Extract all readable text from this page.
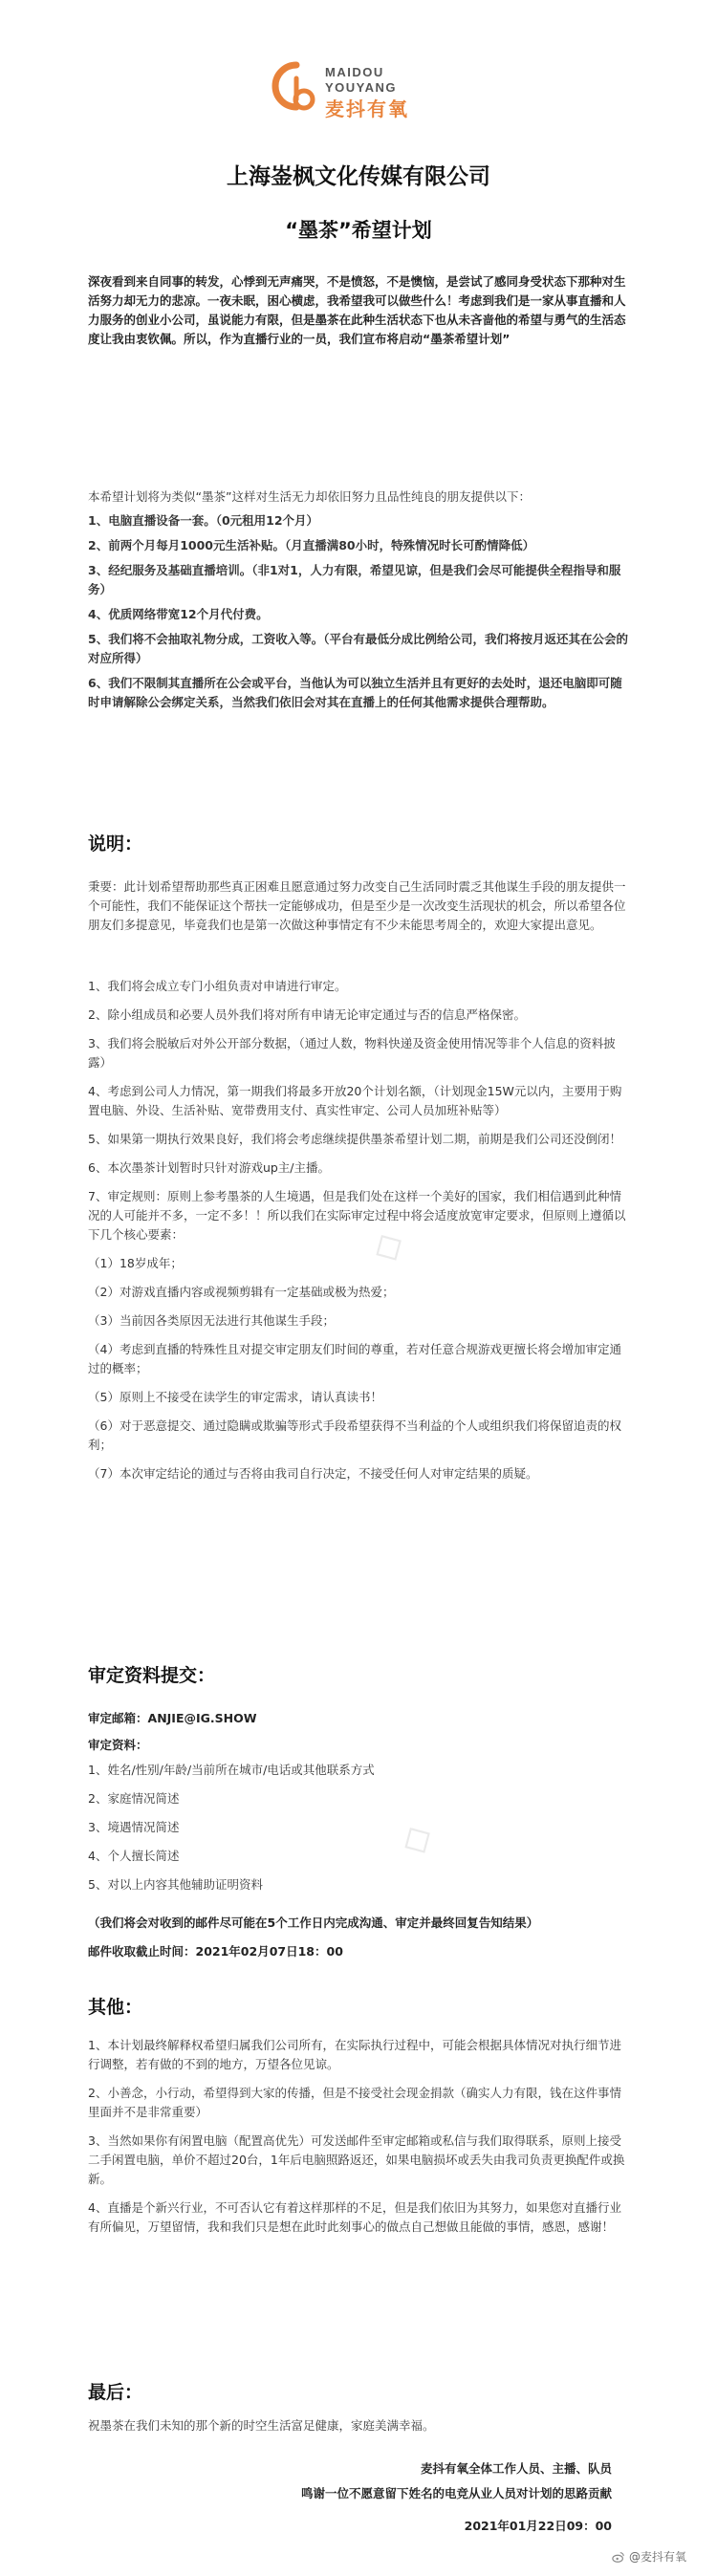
MAIDOU
YOUYANG
麦抖有氧
上海崟枫文化传媒有限公司
“墨茶”希望计划

深夜看到来自同事的转发，心悸到无声痛哭，不是愤怒，不是懊恼，是尝试了感同身受状态下那种对生活努力却无力的悲凉。一夜未眠，困心横虑，我希望我可以做些什么！考虑到我们是一家从事直播和人力服务的创业小公司，虽说能力有限，但是墨茶在此种生活状态下也从未吝啬他的希望与勇气的生活态度让我由衷钦佩。所以，作为直播行业的一员，我们宣布将启动“墨茶希望计划”

本希望计划将为类似“墨茶”这样对生活无力却依旧努力且品性纯良的朋友提供以下：

1、电脑直播设备一套。（0元租用12个月）
2、前两个月每月1000元生活补贴。（月直播满80小时，特殊情况时长可酌情降低）
3、经纪服务及基础直播培训。（非1对1，人力有限，希望见谅，但是我们会尽可能提供全程指导和服务）
4、优质网络带宽12个月代付费。
5、我们将不会抽取礼物分成，工资收入等。（平台有最低分成比例给公司，我们将按月返还其在公会的对应所得）
6、我们不限制其直播所在公会或平台，当他认为可以独立生活并且有更好的去处时，退还电脑即可随时申请解除公会绑定关系，当然我们依旧会对其在直播上的任何其他需求提供合理帮助。
说明：

秉要：此计划希望帮助那些真正困难且愿意通过努力改变自己生活同时震乏其他谋生手段的朋友提供一个可能性，我们不能保证这个帮扶一定能够成功，但是至少是一次改变生活现状的机会，所以希望各位朋友们多提意见，毕竟我们也是第一次做这种事情定有不少未能思考周全的，欢迎大家提出意见。

1、我们将会成立专门小组负责对申请进行审定。
2、除小组成员和必要人员外我们将对所有申请无论审定通过与否的信息严格保密。
3、我们将会脱敏后对外公开部分数据，（通过人数，物料快递及资金使用情况等非个人信息的资料披露）
4、考虑到公司人力情况，第一期我们将最多开放20个计划名额，（计划现金15W元以内，主要用于购置电脑、外设、生活补贴、宽带费用支付、真实性审定、公司人员加班补贴等）
5、如果第一期执行效果良好，我们将会考虑继续提供墨茶希望计划二期，前期是我们公司还没倒闭！
6、本次墨茶计划暂时只针对游戏up主/主播。
7、审定规则：原则上参考墨茶的人生境遇，但是我们处在这样一个美好的国家，我们相信遇到此种情况的人可能并不多，一定不多！！所以我们在实际审定过程中将会适度放宽审定要求，但原则上遵循以下几个核心要素：
（1）18岁成年；
（2）对游戏直播内容或视频剪辑有一定基础或极为热爱；
（3）当前因各类原因无法进行其他谋生手段；
（4）考虑到直播的特殊性且对提交审定朋友们时间的尊重，若对任意合规游戏更擅长将会增加审定通过的概率；
（5）原则上不接受在读学生的审定需求，请认真读书！
（6）对于恶意提交、通过隐瞒或欺骗等形式手段希望获得不当利益的个人或组织我们将保留追责的权利；
（7）本次审定结论的通过与否将由我司自行决定，不接受任何人对审定结果的质疑。
审定资料提交：
审定邮箱：ANJIE@IG.SHOW
审定资料：
1、姓名/性别/年龄/当前所在城市/电话或其他联系方式
2、家庭情况简述
3、境遇情况简述
4、个人擅长简述
5、对以上内容其他辅助证明资料

（我们将会对收到的邮件尽可能在5个工作日内完成沟通、审定并最终回复告知结果）

邮件收取截止时间：2021年02月07日18：00
其他：
1、本计划最终解释权希望归属我们公司所有，在实际执行过程中，可能会根据具体情况对执行细节进行调整，若有做的不到的地方，万望各位见谅。
2、小善念，小行动，希望得到大家的传播，但是不接受社会现金捐款（确实人力有限，钱在这件事情里面并不是非常重要）
3、当然如果你有闲置电脑（配置高优先）可发送邮件至审定邮箱或私信与我们取得联系，原则上接受二手闲置电脑，单价不超过20台，1年后电脑照路返还，如果电脑损坏或丢失由我司负责更换配件或换新。
4、直播是个新兴行业，不可否认它有着这样那样的不足，但是我们依旧为其努力，如果您对直播行业有所偏见，万望留情，我和我们只是想在此时此刻事心的做点自己想做且能做的事情，感恩，感谢！
最后：

祝墨茶在我们未知的那个新的时空生活富足健康，家庭美满幸福。

麦抖有氧全体工作人员、主播、队员
鸣谢一位不愿意留下姓名的电竞从业人员对计划的思路贡献
2021年01月22日09：00
◇
◇
@麦抖有氧
